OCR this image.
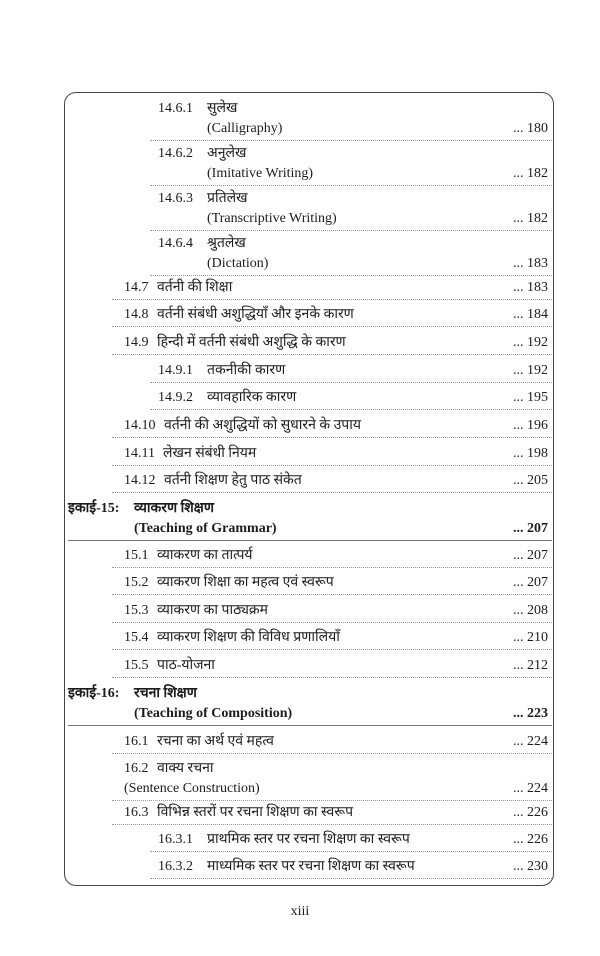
14.6.1 सुलेख
(Calligraphy)	... 180
14.6.2 अनुलेख
(Imitative Writing)	... 182
14.6.3 प्रतिलेख
(Transcriptive Writing)	... 182
14.6.4 श्रुतलेख
(Dictation)	... 183
14.7 वर्तनी की शिक्षा	... 183
14.8 वर्तनी संबंधी अशुद्धियाँ और इनके कारण	... 184
14.9 हिन्दी में वर्तनी संबंधी अशुद्धि के कारण	... 192
14.9.1 तकनीकी कारण	... 192
14.9.2 व्यावहारिक कारण	... 195
14.10 वर्तनी की अशुद्धियों को सुधारने के उपाय	... 196
14.11 लेखन संबंधी नियम	... 198
14.12 वर्तनी शिक्षण हेतु पाठ संकेत	... 205
इकाई-15: व्याकरण शिक्षण
(Teaching of Grammar)	... 207
15.1 व्याकरण का तात्पर्य	... 207
15.2 व्याकरण शिक्षा का महत्व एवं स्वरूप	... 207
15.3 व्याकरण का पाठ्यक्रम	... 208
15.4 व्याकरण शिक्षण की विविध प्रणालियाँ	... 210
15.5 पाठ-योजना	... 212
इकाई-16: रचना शिक्षण
(Teaching of Composition)	... 223
16.1 रचना का अर्थ एवं महत्व	... 224
16.2 वाक्य रचना
(Sentence Construction)	... 224
16.3 विभिन्न स्तरों पर रचना शिक्षण का स्वरूप	... 226
16.3.1 प्राथमिक स्तर पर रचना शिक्षण का स्वरूप	... 226
16.3.2 माध्यमिक स्तर पर रचना शिक्षण का स्वरूप	... 230
xiii
